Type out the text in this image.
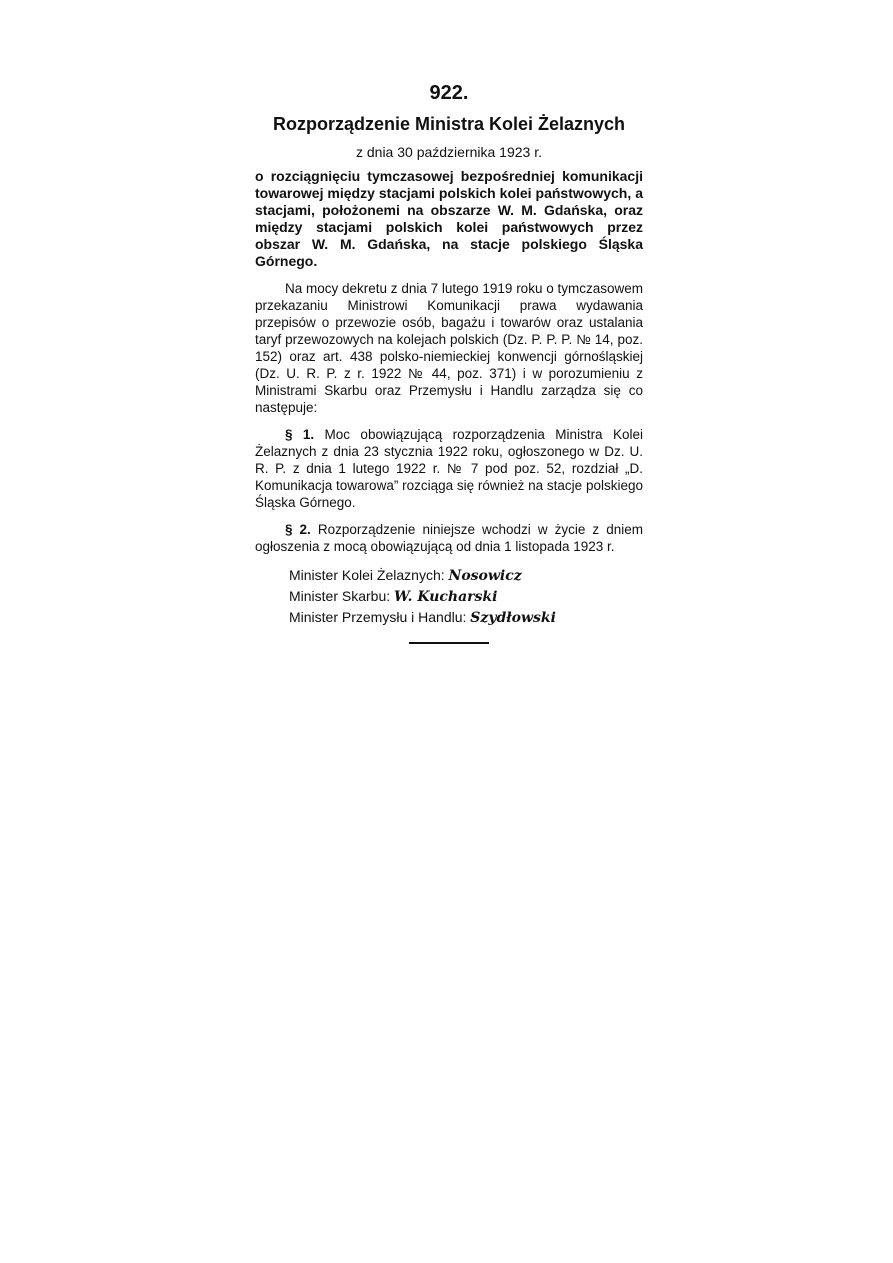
922.
Rozporządzenie Ministra Kolei Żelaznych
z dnia 30 października 1923 r.
o rozciągnięciu tymczasowej bezpośredniej komunikacji towarowej między stacjami polskich kolei państwowych, a stacjami, położonemi na obszarze W. M. Gdańska, oraz między stacjami polskich kolei państwowych przez obszar W. M. Gdańska, na stacje polskiego Śląska Górnego.
Na mocy dekretu z dnia 7 lutego 1919 roku o tymczasowem przekazaniu Ministrowi Komunikacji prawa wydawania przepisów o przewozie osób, bagażu i towarów oraz ustalania taryf przewozowych na kolejach polskich (Dz. P. P. P. № 14, poz. 152) oraz art. 438 polsko-niemieckiej konwencji górnośląskiej (Dz. U. R. P. z r. 1922 № 44, poz. 371) i w porozumieniu z Ministrami Skarbu oraz Przemysłu i Handlu zarządza się co następuje:
§ 1. Moc obowiązującą rozporządzenia Ministra Kolei Żelaznych z dnia 23 stycznia 1922 roku, ogłoszonego w Dz. U. R. P. z dnia 1 lutego 1922 r. № 7 pod poz. 52, rozdział „D. Komunikacja towarowa” rozciąga się również na stacje polskiego Śląska Górnego.
§ 2. Rozporządzenie niniejsze wchodzi w życie z dniem ogłoszenia z mocą obowiązującą od dnia 1 listopada 1923 r.
Minister Kolei Żelaznych: Nosowicz
Minister Skarbu: W. Kucharski
Minister Przemysłu i Handlu: Szydłowski
